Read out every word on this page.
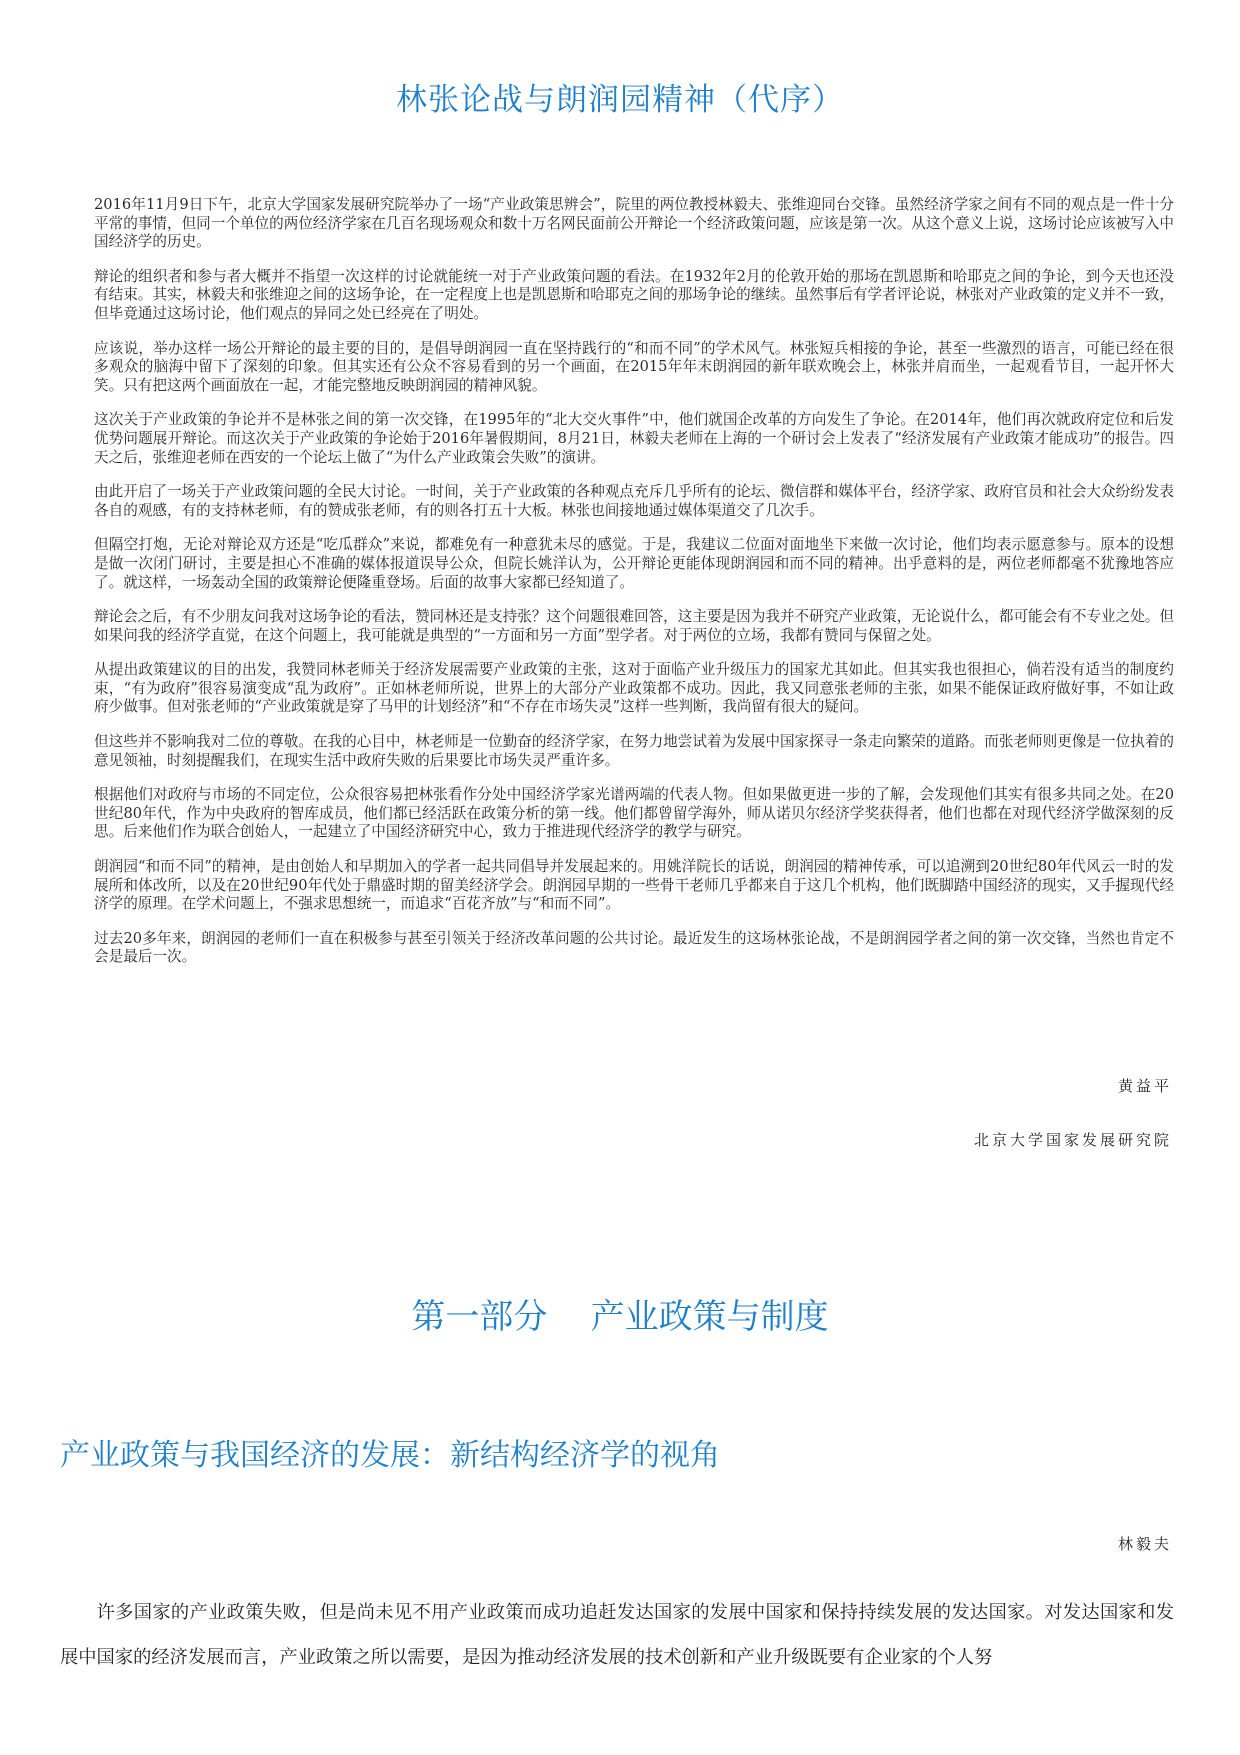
林张论战与朗润园精神（代序）

2016年11月9日下午，北京大学国家发展研究院举办了一场“产业政策思辨会”，院里的两位教授林毅夫、张维迎同台交锋。虽然经济学家之间有不同的观点是一件十分平常的事情，但同一个单位的两位经济学家在几百名现场观众和数十万名网民面前公开辩论一个经济政策问题，应该是第一次。从这个意义上说，这场讨论应该被写入中国经济学的历史。

辩论的组织者和参与者大概并不指望一次这样的讨论就能统一对于产业政策问题的看法。在1932年2月的伦敦开始的那场在凯恩斯和哈耶克之间的争论，到今天也还没有结束。其实，林毅夫和张维迎之间的这场争论，在一定程度上也是凯恩斯和哈耶克之间的那场争论的继续。虽然事后有学者评论说，林张对产业政策的定义并不一致，但毕竟通过这场讨论，他们观点的异同之处已经亮在了明处。

应该说，举办这样一场公开辩论的最主要的目的，是倡导朗润园一直在坚持践行的“和而不同”的学术风气。林张短兵相接的争论，甚至一些激烈的语言，可能已经在很多观众的脑海中留下了深刻的印象。但其实还有公众不容易看到的另一个画面，在2015年年末朗润园的新年联欢晚会上，林张并肩而坐，一起观看节目，一起开怀大笑。只有把这两个画面放在一起，才能完整地反映朗润园的精神风貌。

这次关于产业政策的争论并不是林张之间的第一次交锋，在1995年的“北大交火事件”中，他们就国企改革的方向发生了争论。在2014年，他们再次就政府定位和后发优势问题展开辩论。而这次关于产业政策的争论始于2016年暑假期间，8月21日，林毅夫老师在上海的一个研讨会上发表了“经济发展有产业政策才能成功”的报告。四天之后，张维迎老师在西安的一个论坛上做了“为什么产业政策会失败”的演讲。

由此开启了一场关于产业政策问题的全民大讨论。一时间，关于产业政策的各种观点充斥几乎所有的论坛、微信群和媒体平台，经济学家、政府官员和社会大众纷纷发表各自的观感，有的支持林老师，有的赞成张老师，有的则各打五十大板。林张也间接地通过媒体渠道交了几次手。

但隔空打炮，无论对辩论双方还是“吃瓜群众”来说，都难免有一种意犹未尽的感觉。于是，我建议二位面对面地坐下来做一次讨论，他们均表示愿意参与。原本的设想是做一次闭门研讨，主要是担心不准确的媒体报道误导公众，但院长姚洋认为，公开辩论更能体现朗润园和而不同的精神。出乎意料的是，两位老师都毫不犹豫地答应了。就这样，一场轰动全国的政策辩论便隆重登场。后面的故事大家都已经知道了。

辩论会之后，有不少朋友问我对这场争论的看法，赞同林还是支持张？这个问题很难回答，这主要是因为我并不研究产业政策，无论说什么，都可能会有不专业之处。但如果问我的经济学直觉，在这个问题上，我可能就是典型的“一方面和另一方面”型学者。对于两位的立场，我都有赞同与保留之处。

从提出政策建议的目的出发，我赞同林老师关于经济发展需要产业政策的主张，这对于面临产业升级压力的国家尤其如此。但其实我也很担心，倘若没有适当的制度约束，“有为政府”很容易演变成“乱为政府”。正如林老师所说，世界上的大部分产业政策都不成功。因此，我又同意张老师的主张，如果不能保证政府做好事，不如让政府少做事。但对张老师的“产业政策就是穿了马甲的计划经济”和“不存在市场失灵”这样一些判断，我尚留有很大的疑问。

但这些并不影响我对二位的尊敬。在我的心目中，林老师是一位勤奋的经济学家，在努力地尝试着为发展中国家探寻一条走向繁荣的道路。而张老师则更像是一位执着的意见领袖，时刻提醒我们，在现实生活中政府失败的后果要比市场失灵严重许多。

根据他们对政府与市场的不同定位，公众很容易把林张看作分处中国经济学家光谱两端的代表人物。但如果做更进一步的了解，会发现他们其实有很多共同之处。在20世纪80年代，作为中央政府的智库成员，他们都已经活跃在政策分析的第一线。他们都曾留学海外，师从诺贝尔经济学奖获得者，他们也都在对现代经济学做深刻的反思。后来他们作为联合创始人，一起建立了中国经济研究中心，致力于推进现代经济学的教学与研究。

朗润园“和而不同”的精神，是由创始人和早期加入的学者一起共同倡导并发展起来的。用姚洋院长的话说，朗润园的精神传承，可以追溯到20世纪80年代风云一时的发展所和体改所，以及在20世纪90年代处于鼎盛时期的留美经济学会。朗润园早期的一些骨干老师几乎都来自于这几个机构，他们既脚踏中国经济的现实，又手握现代经济学的原理。在学术问题上，不强求思想统一，而追求“百花齐放”与“和而不同”。

过去20多年来，朗润园的老师们一直在积极参与甚至引领关于经济改革问题的公共讨论。最近发生的这场林张论战，不是朗润园学者之间的第一次交锋，当然也肯定不会是最后一次。

黄益平

北京大学国家发展研究院

第一部分    产业政策与制度
产业政策与我国经济的发展：新结构经济学的视角

林毅夫

许多国家的产业政策失败，但是尚未见不用产业政策而成功追赶发达国家的发展中国家和保持持续发展的发达国家。对发达国家和发展中国家的经济发展而言，产业政策之所以需要，是因为推动经济发展的技术创新和产业升级既要有企业家的个人努
